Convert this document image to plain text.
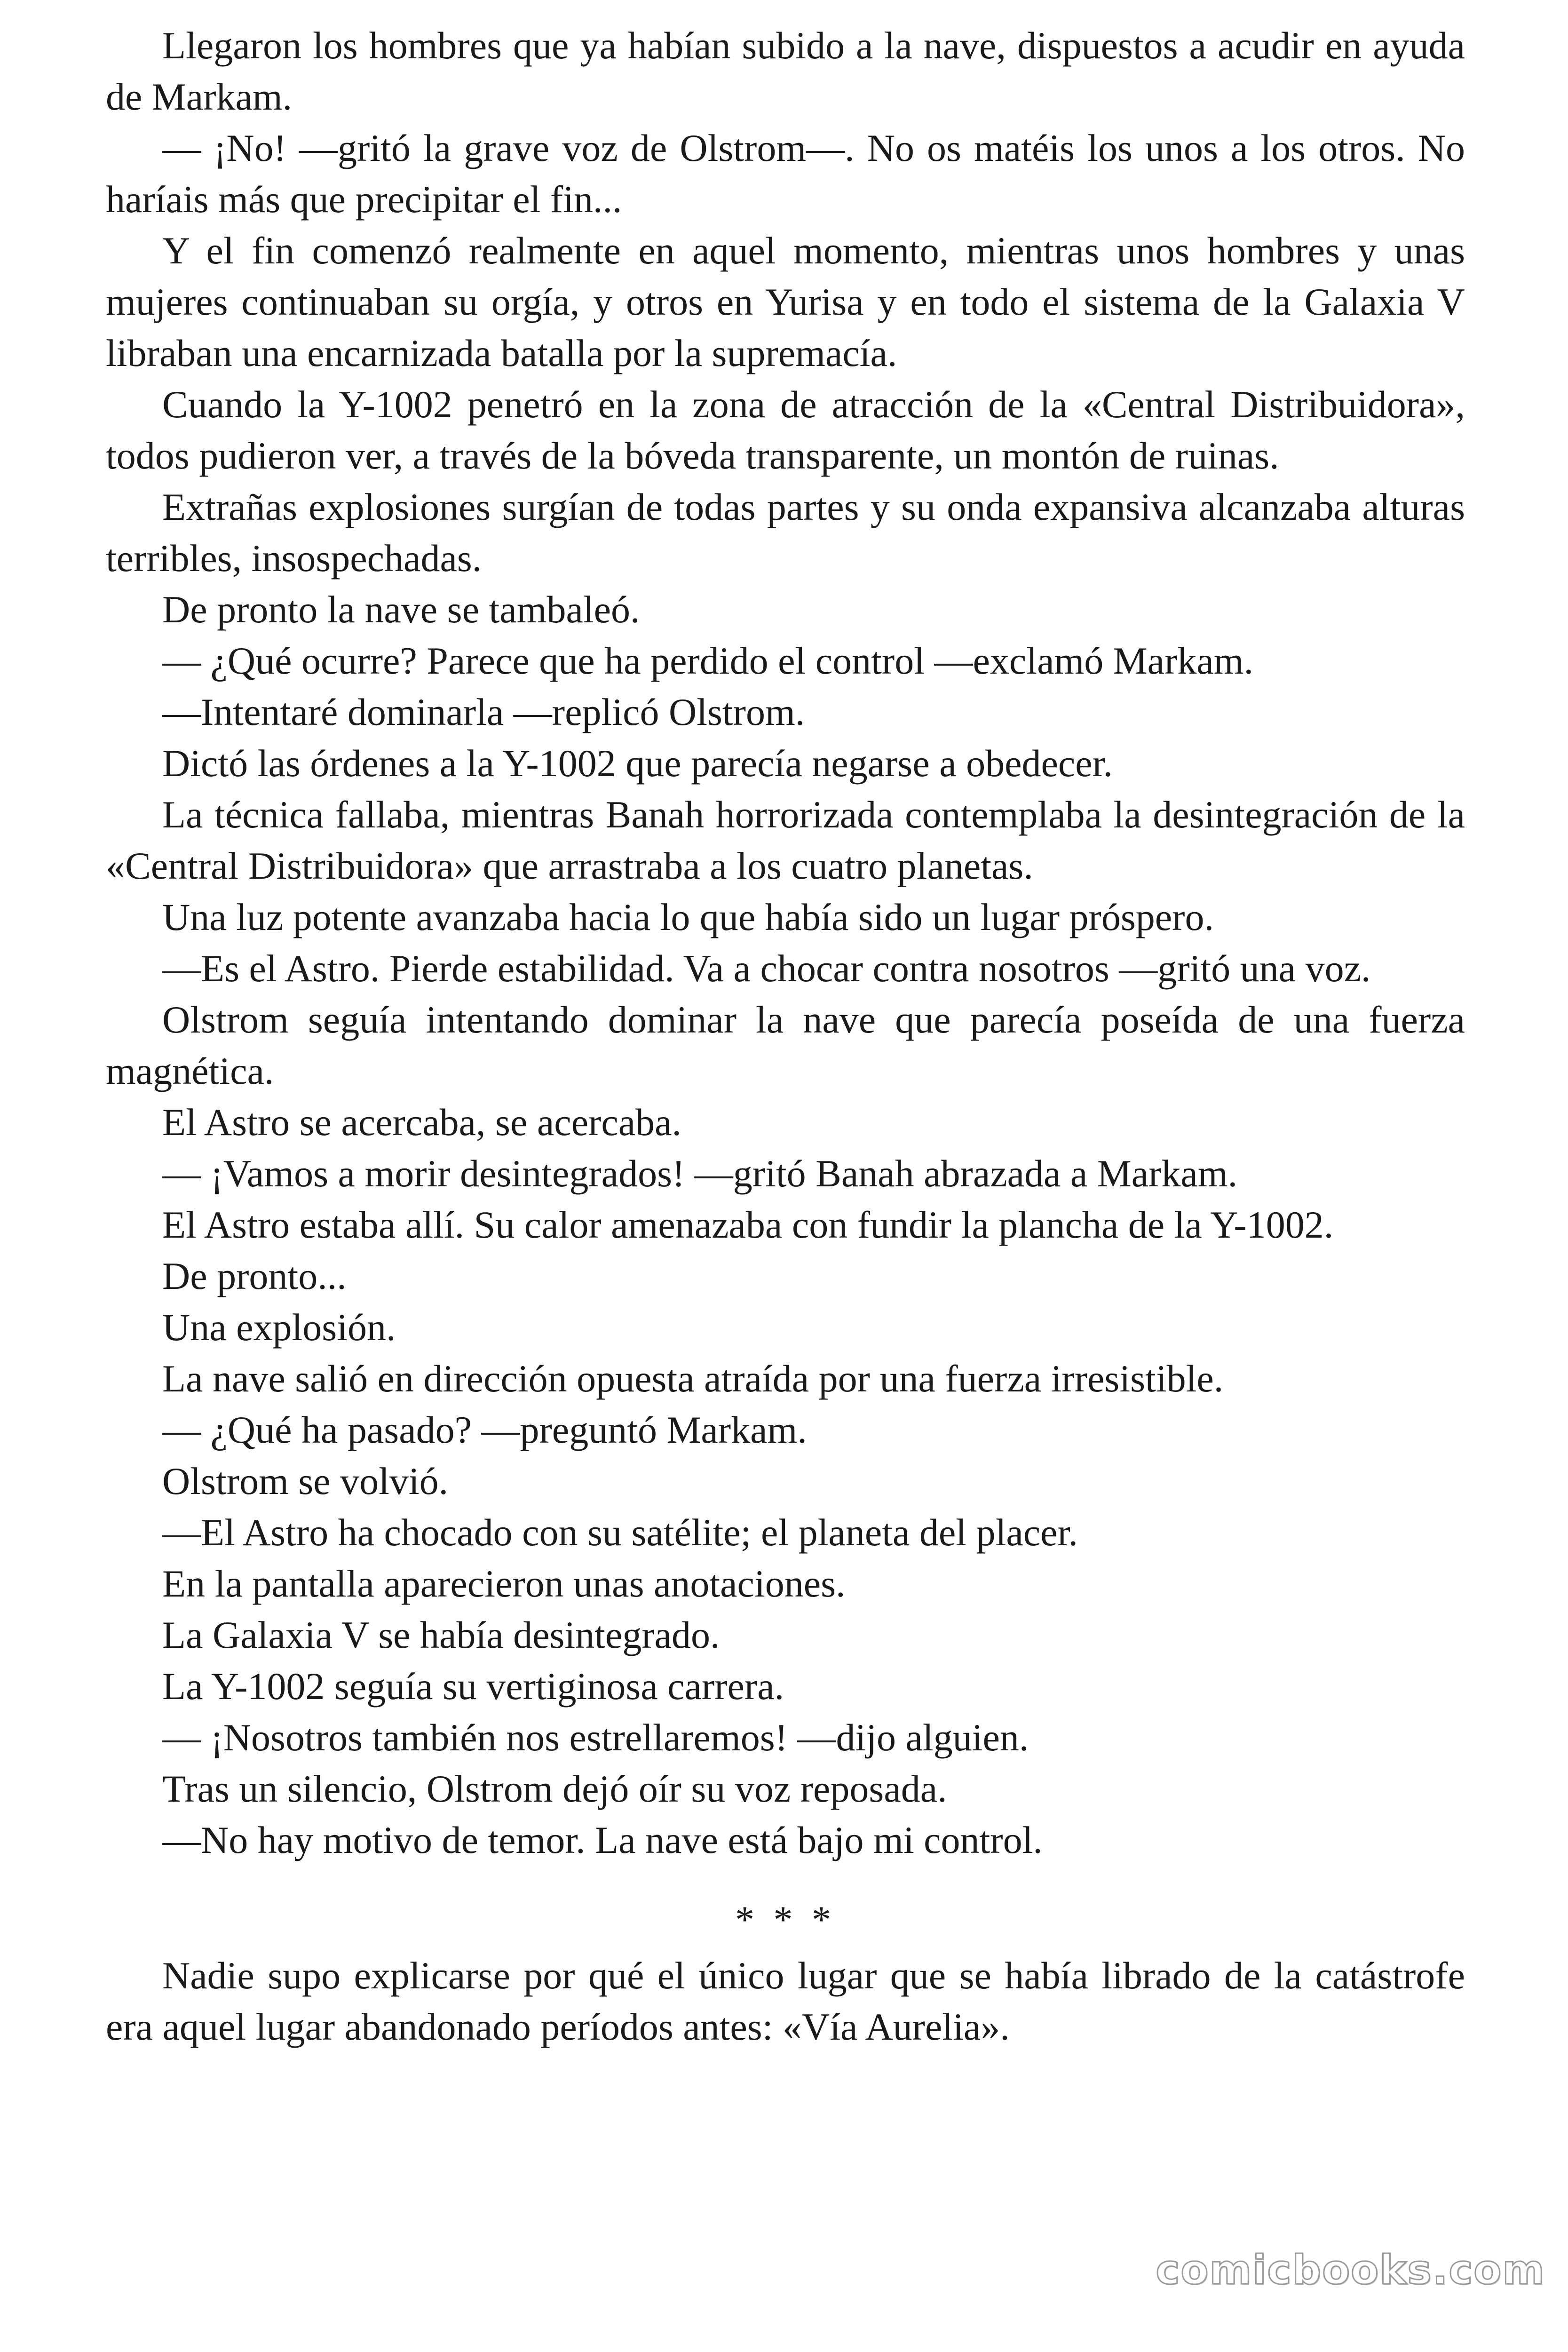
Llegaron los hombres que ya habían subido a la nave, dispuestos a acudir en ayuda de Markam.

— ¡No! —gritó la grave voz de Olstrom—. No os matéis los unos a los otros. No haríais más que precipitar el fin...

Y el fin comenzó realmente en aquel momento, mientras unos hombres y unas mujeres continuaban su orgía, y otros en Yurisa y en todo el sistema de la Galaxia V libraban una encarnizada batalla por la supremacía.

Cuando la Y-1002 penetró en la zona de atracción de la «Central Distribuidora», todos pudieron ver, a través de la bóveda transparente, un montón de ruinas.

Extrañas explosiones surgían de todas partes y su onda expansiva alcanzaba alturas terribles, insospechadas.

De pronto la nave se tambaleó.

— ¿Qué ocurre? Parece que ha perdido el control —exclamó Markam.

—Intentaré dominarla —replicó Olstrom.

Dictó las órdenes a la Y-1002 que parecía negarse a obedecer.

La técnica fallaba, mientras Banah horrorizada contemplaba la desintegración de la «Central Distribuidora» que arrastraba a los cuatro planetas.

Una luz potente avanzaba hacia lo que había sido un lugar próspero.

—Es el Astro. Pierde estabilidad. Va a chocar contra nosotros —gritó una voz.

Olstrom seguía intentando dominar la nave que parecía poseída de una fuerza magnética.

El Astro se acercaba, se acercaba.

— ¡Vamos a morir desintegrados! —gritó Banah abrazada a Markam.

El Astro estaba allí. Su calor amenazaba con fundir la plancha de la Y-1002.

De pronto...

Una explosión.

La nave salió en dirección opuesta atraída por una fuerza irresistible.

— ¿Qué ha pasado? —preguntó Markam.

Olstrom se volvió.

—El Astro ha chocado con su satélite; el planeta del placer.

En la pantalla aparecieron unas anotaciones.

La Galaxia V se había desintegrado.

La Y-1002 seguía su vertiginosa carrera.

— ¡Nosotros también nos estrellaremos! —dijo alguien.

Tras un silencio, Olstrom dejó oír su voz reposada.

—No hay motivo de temor. La nave está bajo mi control.

* * *

Nadie supo explicarse por qué el único lugar que se había librado de la catástrofe era aquel lugar abandonado períodos antes: «Vía Aurelia».

comicbooks.com
